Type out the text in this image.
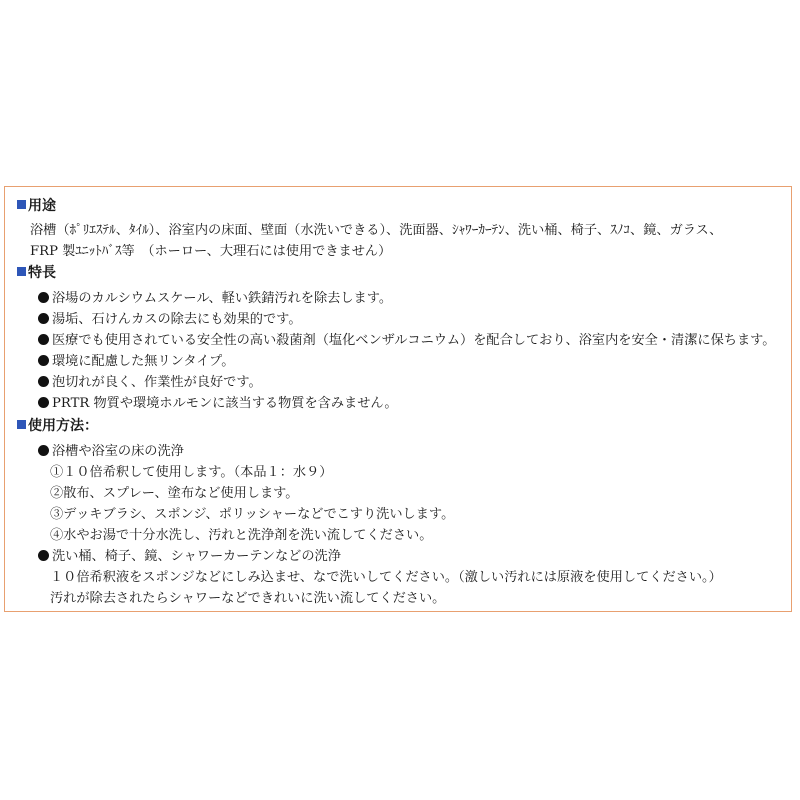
用途
浴槽（ﾎﾟﾘｴｽﾃﾙ、ﾀｲﾙ）、浴室内の床面、壁面（水洗いできる）、洗面器、ｼｬﾜｰｶｰﾃﾝ、洗い桶、椅子、ｽﾉｺ、鏡、ガラス、
FRP 製ﾕﾆｯﾄﾊﾞｽ等　（ホーロー、大理石には使用できません）
特長
浴場のカルシウムスケール、軽い鉄錆汚れを除去します。
湯垢、石けんカスの除去にも効果的です。
医療でも使用されている安全性の高い殺菌剤（塩化ベンザルコニウム）を配合しており、浴室内を安全・清潔に保ちます。
環境に配慮した無リンタイプ。
泡切れが良く、作業性が良好です。
PRTR 物質や環境ホルモンに該当する物質を含みません。
使用方法：
浴槽や浴室の床の洗浄
①１０倍希釈して使用します。（本品１：水９）
②散布、スプレー、塗布など使用します。
③デッキブラシ、スポンジ、ポリッシャーなどでこすり洗いします。
④水やお湯で十分水洗し、汚れと洗浄剤を洗い流してください。
洗い桶、椅子、鏡、シャワーカーテンなどの洗浄
１０倍希釈液をスポンジなどにしみ込ませ、なで洗いしてください。（激しい汚れには原液を使用してください。）
汚れが除去されたらシャワーなどできれいに洗い流してください。
